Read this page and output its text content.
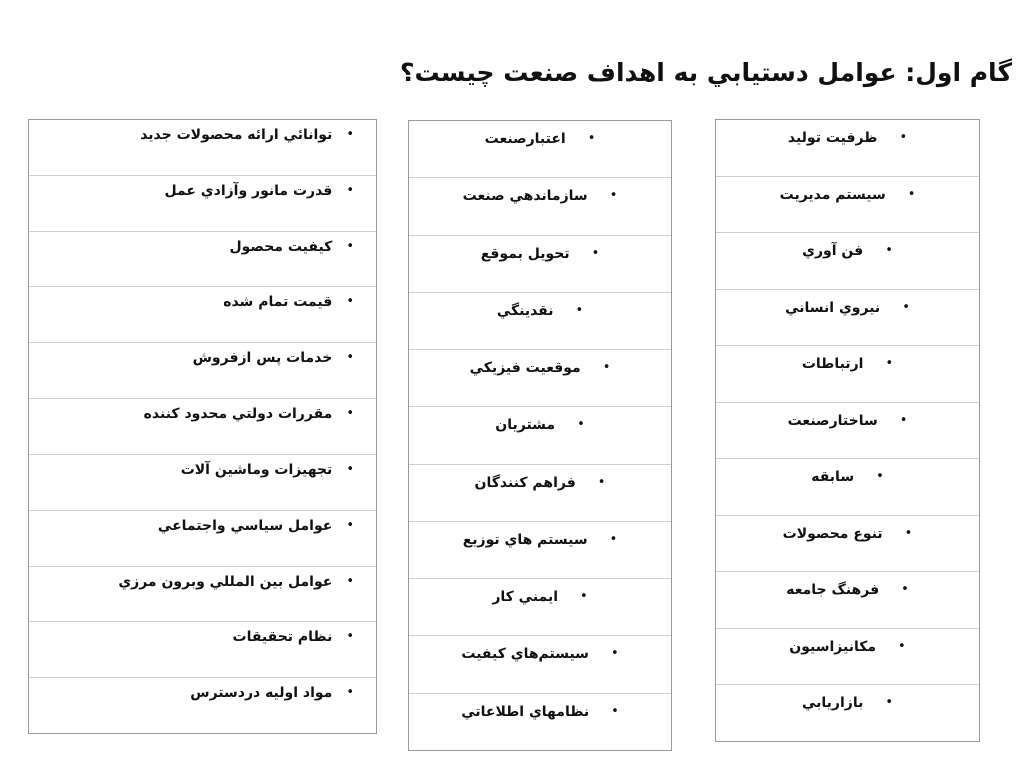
گام اول: عوامل دستيابي به اهداف صنعت چيست؟
•
ظرفيت توليد
•
سيستم مديريت
•
فن آوري
•
نيروي انساني
•
ارتباطات
•
ساختارصنعت
•
سابقه
•
تنوع محصولات
•
فرهنگ جامعه
•
مكانيزاسيون
•
بازاريابي
•
اعتبارصنعت
•
سازماندهي صنعت
•
تحويل بموقع
•
نقدينگي
•
موقعيت فيزيكي
•
مشتريان
•
فراهم كنندگان
•
سيستم هاي توزيع
•
ايمني كار
•
سيستم‌هاي كيفيت
•
نظامهاي اطلاعاتي
•
توانائي ارائه محصولات جديد
•
قدرت مانور وآزادي عمل
•
كيفيت محصول
•
قيمت تمام شده
•
خدمات پس ازفروش
•
مقررات دولتي محدود كننده
•
تجهيزات وماشين آلات
•
عوامل سياسي واجتماعي
•
عوامل بين المللي وبرون مرزي
•
نظام تحقيقات
•
مواد اوليه دردسترس
